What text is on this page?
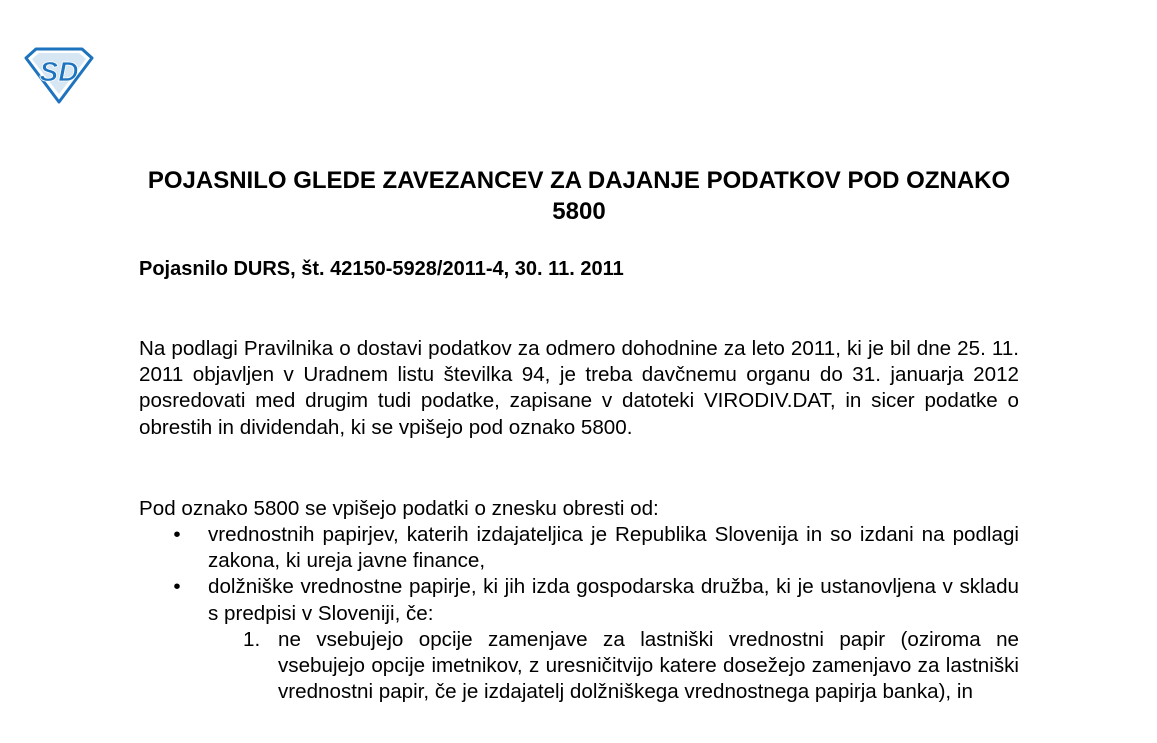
SD
POJASNILO GLEDE ZAVEZANCEV ZA DAJANJE PODATKOV POD OZNAKO 5800

Pojasnilo DURS, št. 42150-5928/2011-4, 30. 11. 2011

Na podlagi Pravilnika o dostavi podatkov za odmero dohodnine za leto 2011, ki je bil dne 25. 11. 2011 objavljen v Uradnem listu številka 94, je treba davčnemu organu do 31. januarja 2012 posredovati med drugim tudi podatke, zapisane v datoteki VIRODIV.DAT, in sicer podatke o obrestih in dividendah, ki se vpišejo pod oznako 5800.

Pod oznako 5800 se vpišejo podatki o znesku obresti od:

• vrednostnih papirjev, katerih izdajateljica je Republika Slovenija in so izdani na podlagi zakona, ki ureja javne finance,
• dolžniške vrednostne papirje, ki jih izda gospodarska družba, ki je ustanovljena v skladu s predpisi v Sloveniji, če:
1. ne vsebujejo opcije zamenjave za lastniški vrednostni papir (oziroma ne vsebujejo opcije imetnikov, z uresničitvijo katere dosežejo zamenjavo za lastniški vrednostni papir, če je izdajatelj dolžniškega vrednostnega papirja banka), in
